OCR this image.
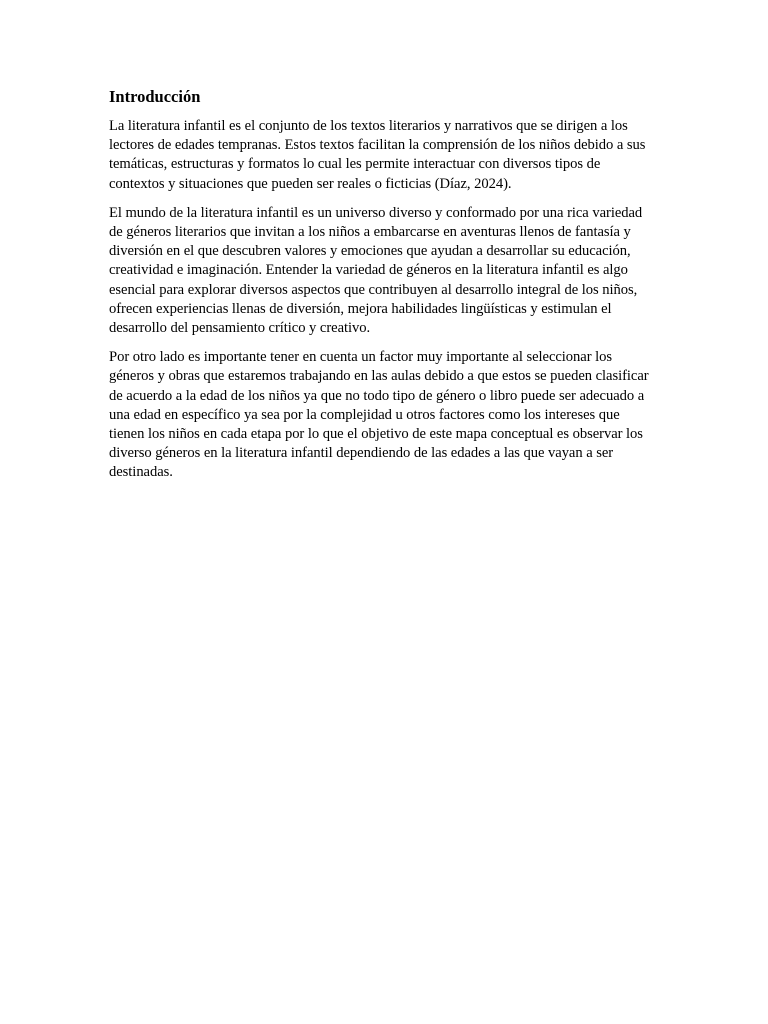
Introducción

La literatura infantil es el conjunto de los textos literarios y narrativos que se dirigen a los lectores de edades tempranas. Estos textos facilitan la comprensión de los niños debido a sus temáticas, estructuras y formatos lo cual les permite interactuar con diversos tipos de contextos y situaciones que pueden ser reales o ficticias (Díaz, 2024).

El mundo de la literatura infantil es un universo diverso y conformado por una rica variedad de géneros literarios que invitan a los niños a embarcarse en aventuras llenos de fantasía y diversión en el que descubren valores y emociones que ayudan a desarrollar su educación, creatividad e imaginación. Entender la variedad de géneros en la literatura infantil es algo esencial para explorar diversos aspectos que contribuyen al desarrollo integral de los niños, ofrecen experiencias llenas de diversión, mejora habilidades lingüísticas y estimulan el desarrollo del pensamiento crítico y creativo.

Por otro lado es importante tener en cuenta un factor muy importante al seleccionar los géneros y obras que estaremos trabajando en las aulas debido a que estos se pueden clasificar de acuerdo a la edad de los niños ya que no todo tipo de género o libro puede ser adecuado a una edad en específico ya sea por la complejidad u otros factores como los intereses que tienen los niños en cada etapa por lo que el objetivo de este mapa conceptual es observar los diverso géneros en la literatura infantil dependiendo de las edades a las que vayan a ser destinadas.
